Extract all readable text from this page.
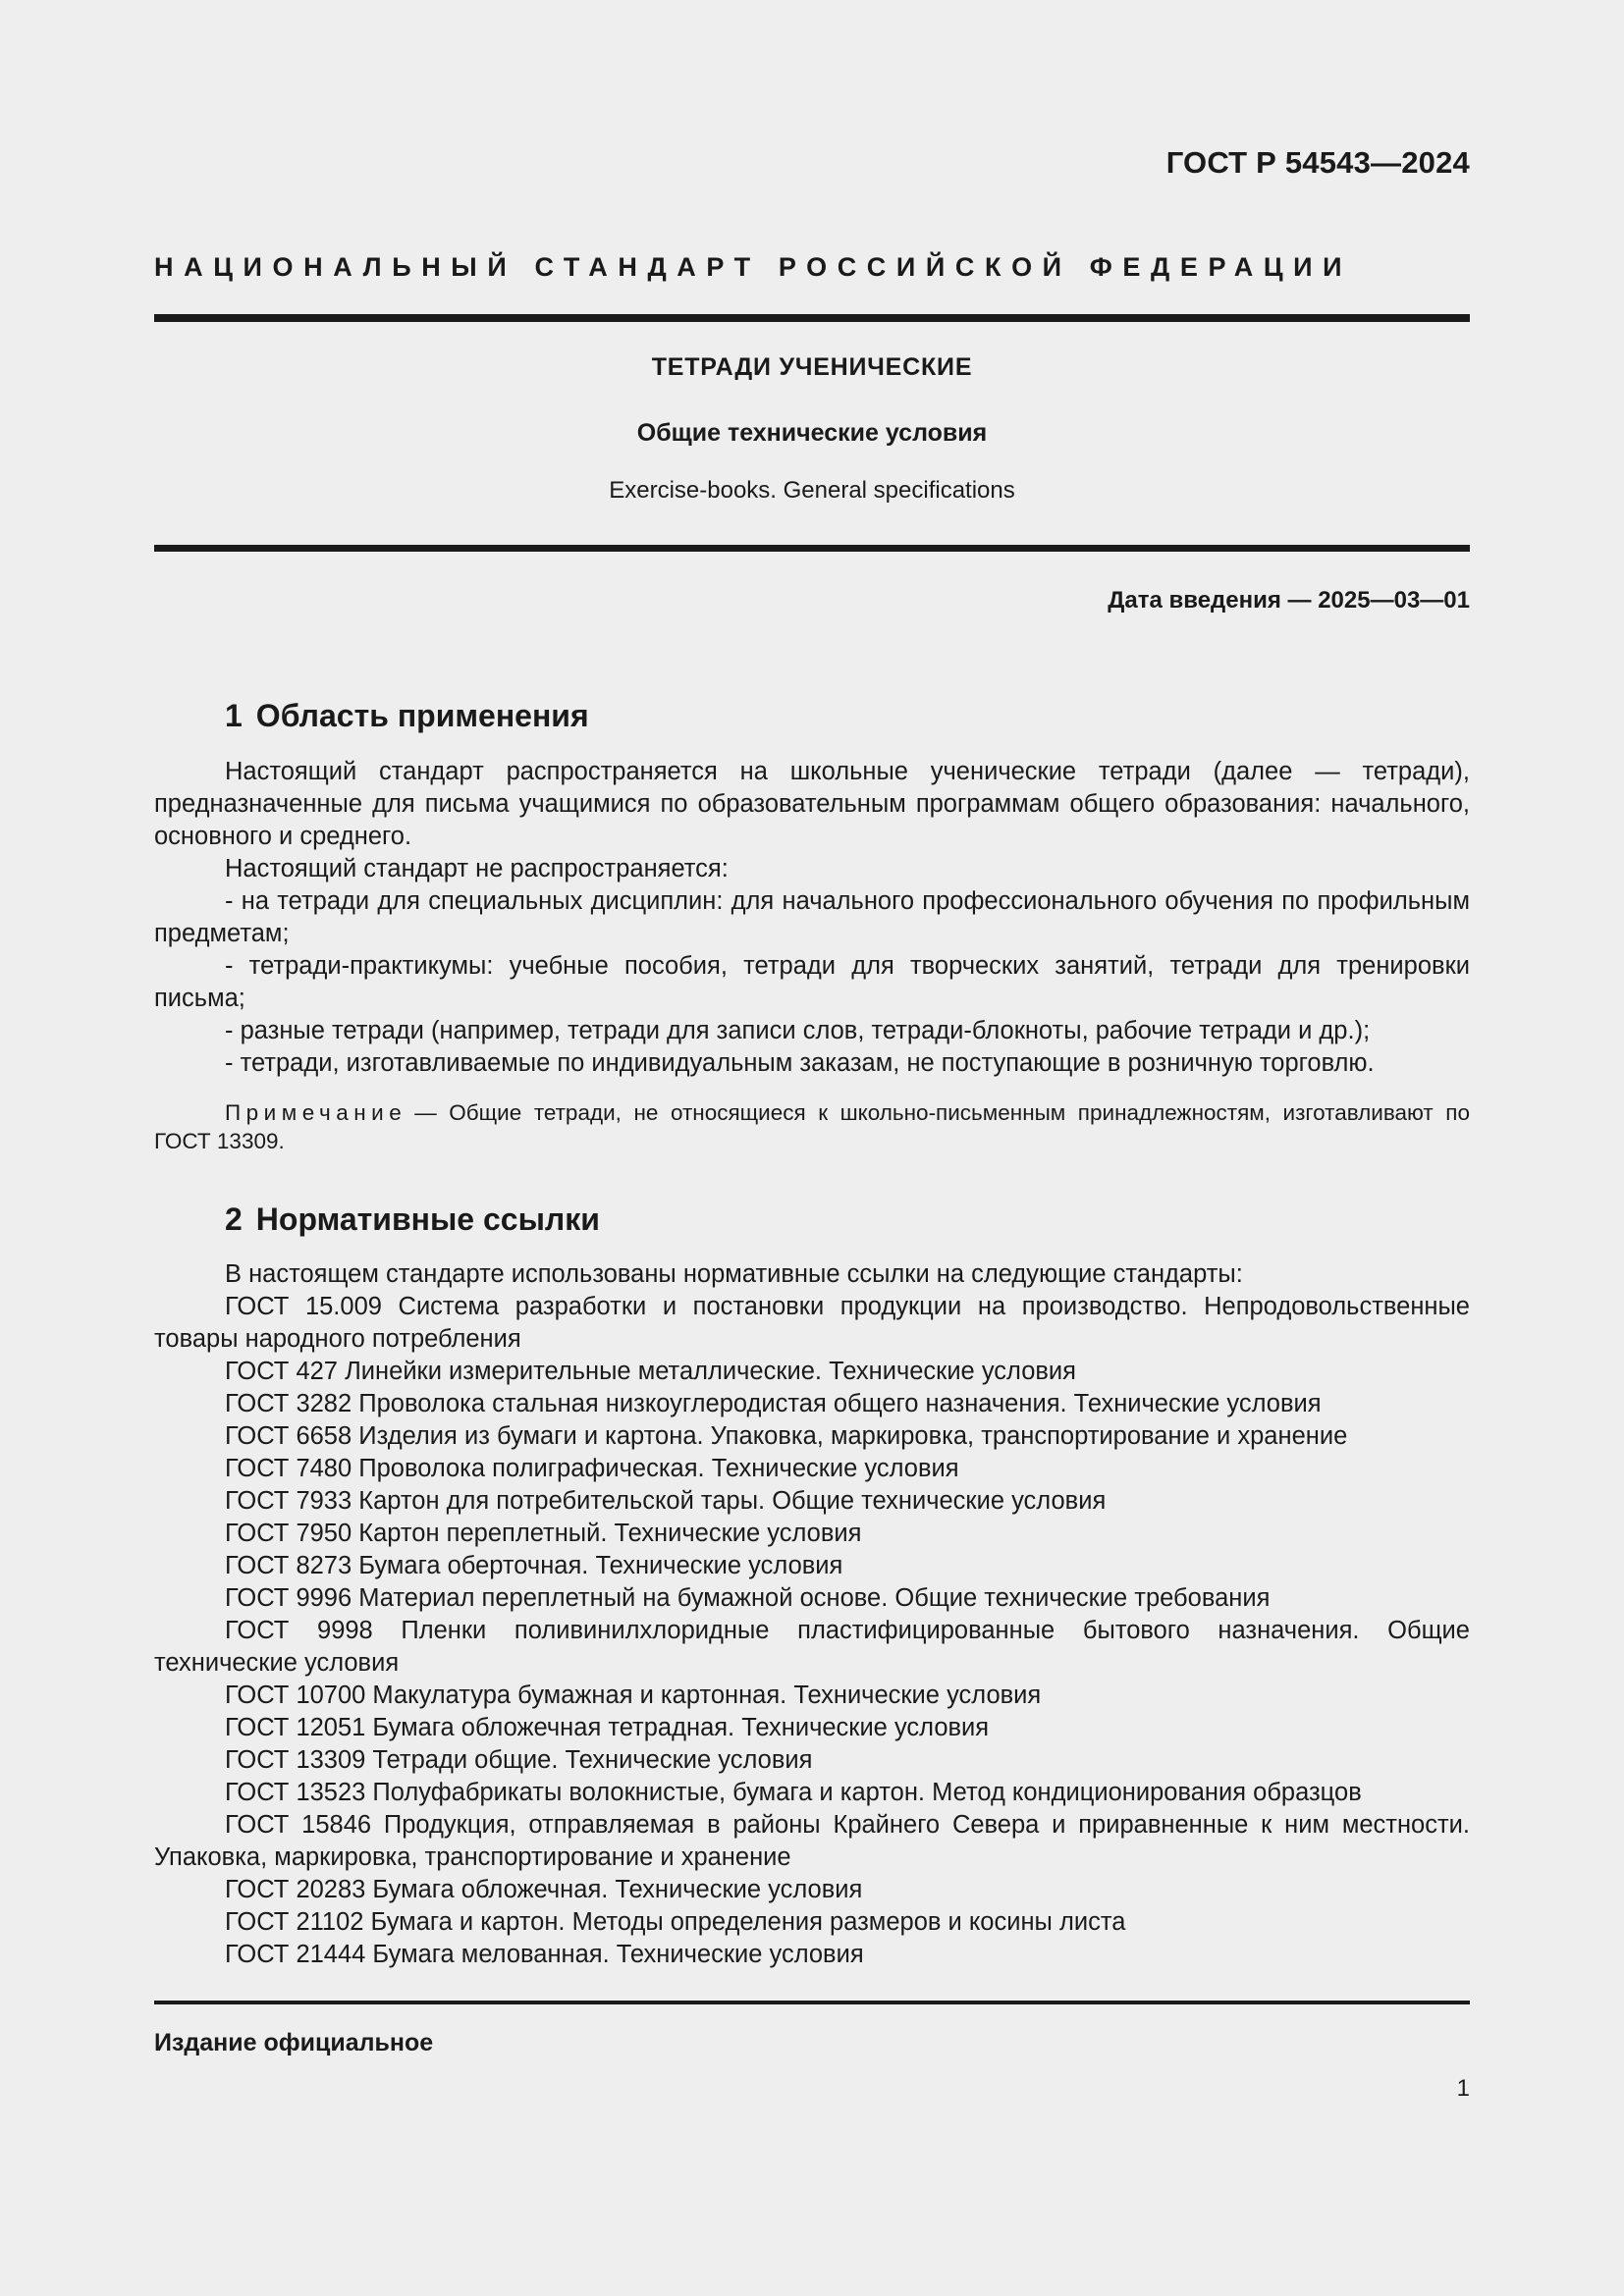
ГОСТ Р 54543—2024
НАЦИОНАЛЬНЫЙ СТАНДАРТ РОССИЙСКОЙ ФЕДЕРАЦИИ
ТЕТРАДИ УЧЕНИЧЕСКИЕ
Общие технические условия
Exercise-books. General specifications
Дата введения — 2025—03—01
1 Область применения

Настоящий стандарт распространяется на школьные ученические тетради (далее — тетради), предназначенные для письма учащимися по образовательным программам общего образования: начального, основного и среднего.

Настоящий стандарт не распространяется:

- на тетради для специальных дисциплин: для начального профессионального обучения по профильным предметам;

- тетради-практикумы: учебные пособия, тетради для творческих занятий, тетради для тренировки письма;

- разные тетради (например, тетради для записи слов, тетради-блокноты, рабочие тетради и др.);

- тетради, изготавливаемые по индивидуальным заказам, не поступающие в розничную торговлю.

Примечание — Общие тетради, не относящиеся к школьно-письменным принадлежностям, изготавливают по ГОСТ 13309.

2 Нормативные ссылки

В настоящем стандарте использованы нормативные ссылки на следующие стандарты:

ГОСТ 15.009 Система разработки и постановки продукции на производство. Непродовольственные товары народного потребления

ГОСТ 427 Линейки измерительные металлические. Технические условия

ГОСТ 3282 Проволока стальная низкоуглеродистая общего назначения. Технические условия

ГОСТ 6658 Изделия из бумаги и картона. Упаковка, маркировка, транспортирование и хранение

ГОСТ 7480 Проволока полиграфическая. Технические условия

ГОСТ 7933 Картон для потребительской тары. Общие технические условия

ГОСТ 7950 Картон переплетный. Технические условия

ГОСТ 8273 Бумага оберточная. Технические условия

ГОСТ 9996 Материал переплетный на бумажной основе. Общие технические требования

ГОСТ 9998 Пленки поливинилхлоридные пластифицированные бытового назначения. Общие технические условия

ГОСТ 10700 Макулатура бумажная и картонная. Технические условия

ГОСТ 12051 Бумага обложечная тетрадная. Технические условия

ГОСТ 13309 Тетради общие. Технические условия

ГОСТ 13523 Полуфабрикаты волокнистые, бумага и картон. Метод кондиционирования образцов

ГОСТ 15846 Продукция, отправляемая в районы Крайнего Севера и приравненные к ним местности. Упаковка, маркировка, транспортирование и хранение

ГОСТ 20283 Бумага обложечная. Технические условия

ГОСТ 21102 Бумага и картон. Методы определения размеров и косины листа

ГОСТ 21444 Бумага мелованная. Технические условия

Издание официальное
1
